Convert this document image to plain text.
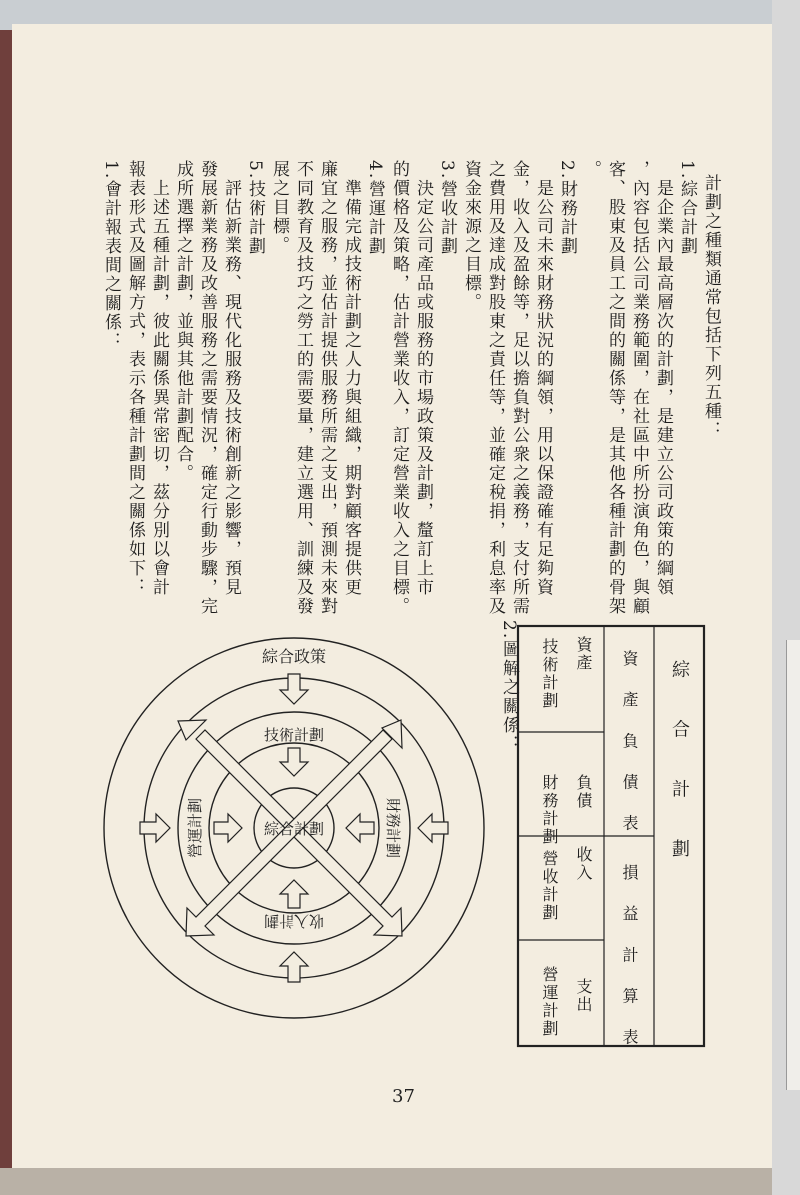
計劃之種類通常包括下列五種：
1.綜合計劃
　是企業內最高層次的計劃，是建立公司政策的綱領
，內容包括公司業務範圍，在社區中所扮演角色，與顧
客、股東及員工之間的關係等，是其他各種計劃的骨架
。
2.財務計劃
　是公司未來財務狀況的綱領，用以保證確有足夠資
金，收入及盈餘等，足以擔負對公衆之義務，支付所需
之費用及達成對股東之責任等，並確定稅捐，利息率及
資金來源之目標。
3.營收計劃
　決定公司產品或服務的市場政策及計劃，釐訂上市
的價格及策略，估計營業收入，訂定營業收入之目標。
4.營運計劃
　準備完成技術計劃之人力與組織，期對顧客提供更
廉宜之服務，並估計提供服務所需之支出，預測未來對
不同教育及技巧之勞工的需要量，建立選用、訓練及發
展之目標。
5.技術計劃
　評估新業務、現代化服務及技術創新之影響，預見
發展新業務及改善服務之需要情況，確定行動步驟，完
成所選擇之計劃，並與其他計劃配合。
　上述五種計劃，彼此關係異常密切，茲分別以會計
報表形式及圖解方式，表示各種計劃間之關係如下：
1.會計報表間之關係：
2.圖解之關係：	綜 合 計 劃
資 產 負 債 表
損 益 計 算 表
資產
技術計劃
負債
財務計劃
收入
營收計劃
支出
營運計劃
綜合政策
綜合計劃
技術計劃
收入計劃
財務計劃
營運計劃
37
